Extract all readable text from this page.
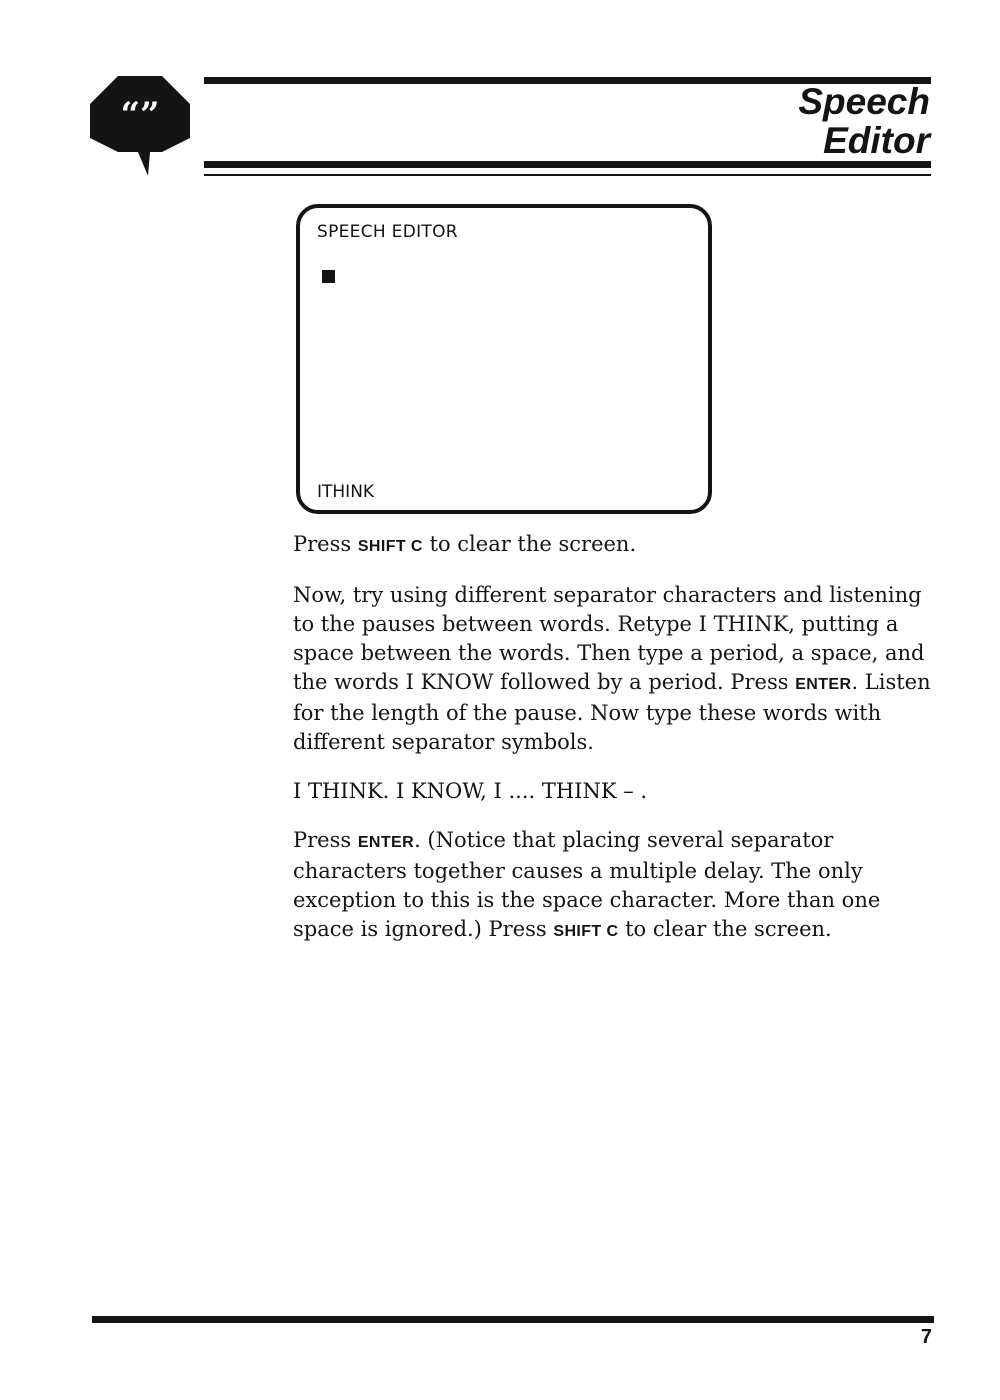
“”	Speech
Editor
SPEECH EDITOR
ITHINK

Press SHIFT C to clear the screen.

Now, try using different separator characters and listening to the pauses between words. Retype I THINK, putting a space between the words. Then type a period, a space, and the words I KNOW followed by a period. Press ENTER. Listen for the length of the pause. Now type these words with different separator symbols.

I THINK. I KNOW, I .... THINK – .

Press ENTER. (Notice that placing several separator characters together causes a multiple delay. The only exception to this is the space character. More than one space is ignored.) Press SHIFT C to clear the screen.

7
